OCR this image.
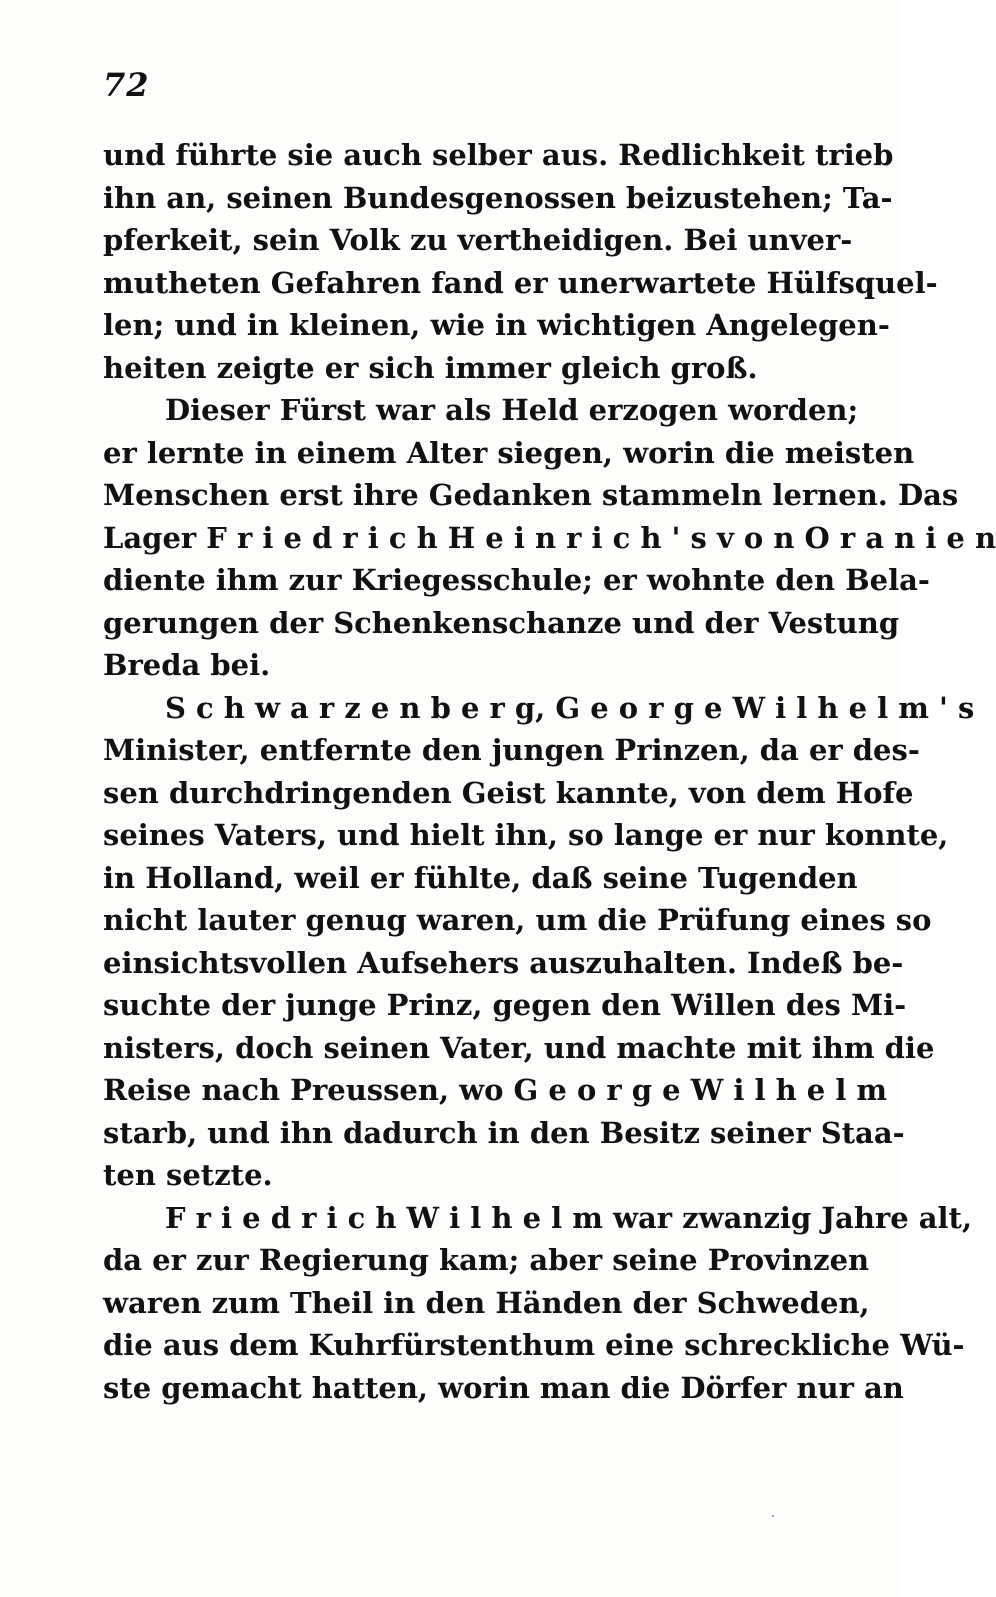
72
und führte sie auch selber aus. Redlichkeit trieb
ihn an, seinen Bundesgenossen beizustehen; Ta-
pferkeit, sein Volk zu vertheidigen. Bei unver-
mutheten Gefahren fand er unerwartete Hülfsquel-
len; und in kleinen, wie in wichtigen Angelegen-
heiten zeigte er sich immer gleich groß.
Dieser Fürst war als Held erzogen worden;
er lernte in einem Alter siegen, worin die meisten
Menschen erst ihre Gedanken stammeln lernen. Das
Lager F r i e d r i c h H e i n r i c h ' s v o n O r a n i e n
diente ihm zur Kriegesschule; er wohnte den Bela-
gerungen der Schenkenschanze und der Vestung
Breda bei.
S c h w a r z e n b e r g, G e o r g e W i l h e l m ' s
Minister, entfernte den jungen Prinzen, da er des-
sen durchdringenden Geist kannte, von dem Hofe
seines Vaters, und hielt ihn, so lange er nur konnte,
in Holland, weil er fühlte, daß seine Tugenden
nicht lauter genug waren, um die Prüfung eines so
einsichtsvollen Aufsehers auszuhalten. Indeß be-
suchte der junge Prinz, gegen den Willen des Mi-
nisters, doch seinen Vater, und machte mit ihm die
Reise nach Preussen, wo G e o r g e W i l h e l m
starb, und ihn dadurch in den Besitz seiner Staa-
ten setzte.
F r i e d r i c h W i l h e l m war zwanzig Jahre alt,
da er zur Regierung kam; aber seine Provinzen
waren zum Theil in den Händen der Schweden,
die aus dem Kuhrfürstenthum eine schreckliche Wü-
ste gemacht hatten, worin man die Dörfer nur an
